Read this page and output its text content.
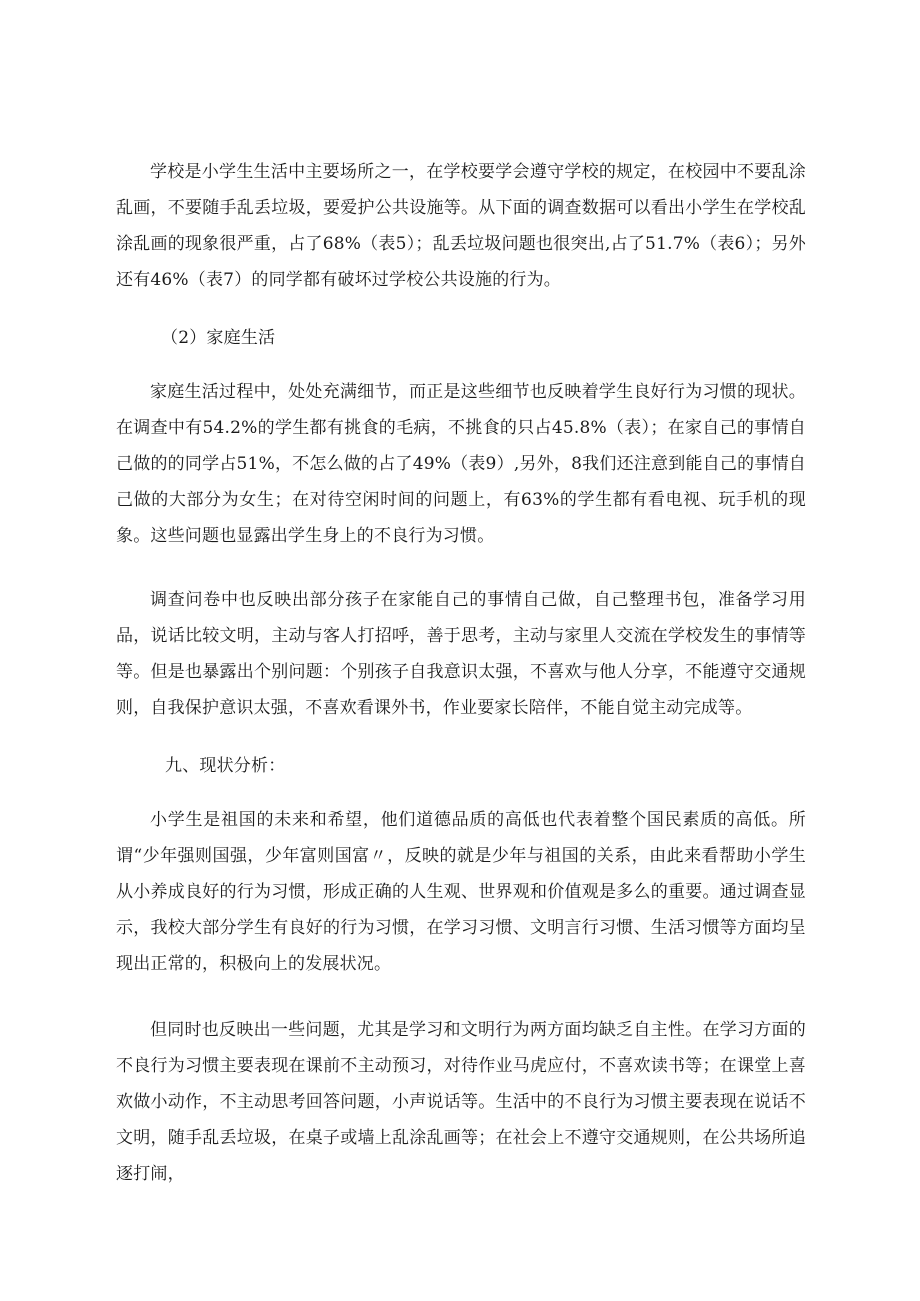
学校是小学生生活中主要场所之一，在学校要学会遵守学校的规定，在校园中不要乱涂乱画，不要随手乱丢垃圾，要爱护公共设施等。从下面的调查数据可以看出小学生在学校乱涂乱画的现象很严重，占了68%（表5）；乱丢垃圾问题也很突出,占了51.7%（表6）；另外还有46%（表7）的同学都有破坏过学校公共设施的行为。

（2）家庭生活

家庭生活过程中，处处充满细节，而正是这些细节也反映着学生良好行为习惯的现状。在调查中有54.2%的学生都有挑食的毛病，不挑食的只占45.8%（表）；在家自己的事情自己做的的同学占51%，不怎么做的占了49%（表9）,另外，8我们还注意到能自己的事情自己做的大部分为女生；在对待空闲时间的问题上，有63%的学生都有看电视、玩手机的现象。这些问题也显露出学生身上的不良行为习惯。

调查问卷中也反映出部分孩子在家能自己的事情自己做，自己整理书包，准备学习用品，说话比较文明，主动与客人打招呼，善于思考，主动与家里人交流在学校发生的事情等等。但是也暴露出个别问题：个别孩子自我意识太强，不喜欢与他人分享，不能遵守交通规则，自我保护意识太强，不喜欢看课外书，作业要家长陪伴，不能自觉主动完成等。

九、现状分析：

小学生是祖国的未来和希望，他们道德品质的高低也代表着整个国民素质的高低。所谓“少年强则国强，少年富则国富〃，反映的就是少年与祖国的关系，由此来看帮助小学生从小养成良好的行为习惯，形成正确的人生观、世界观和价值观是多么的重要。通过调查显示，我校大部分学生有良好的行为习惯，在学习习惯、文明言行习惯、生活习惯等方面均呈现出正常的，积极向上的发展状况。

但同时也反映出一些问题，尤其是学习和文明行为两方面均缺乏自主性。在学习方面的不良行为习惯主要表现在课前不主动预习，对待作业马虎应付，不喜欢读书等；在课堂上喜欢做小动作，不主动思考回答问题，小声说话等。生活中的不良行为习惯主要表现在说话不文明，随手乱丢垃圾，在桌子或墙上乱涂乱画等；在社会上不遵守交通规则，在公共场所追逐打闹，
